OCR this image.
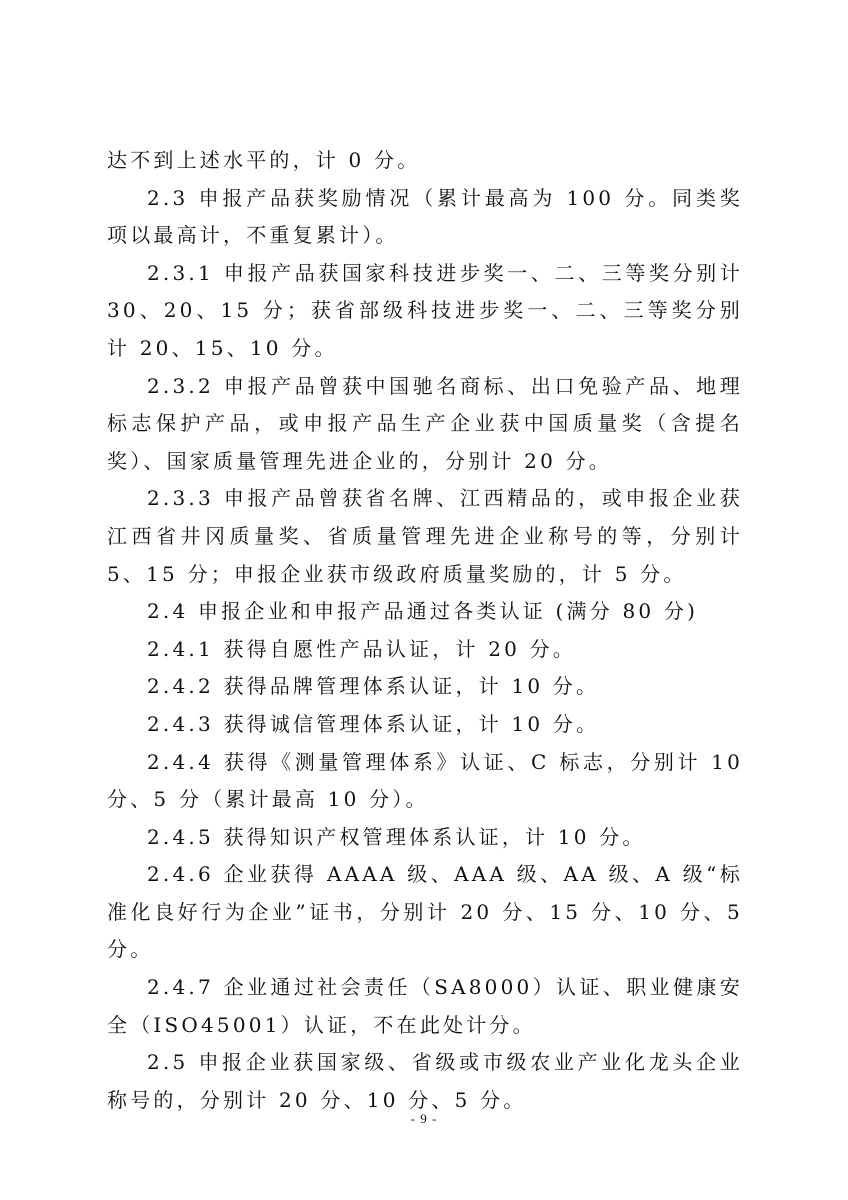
达不到上述水平的，计 0 分。

2.3 申报产品获奖励情况（累计最高为 100 分。同类奖项以最高计，不重复累计）。

2.3.1 申报产品获国家科技进步奖一、二、三等奖分别计 30、20、15 分；获省部级科技进步奖一、二、三等奖分别计 20、15、10 分。

2.3.2 申报产品曾获中国驰名商标、出口免验产品、地理标志保护产品，或申报产品生产企业获中国质量奖（含提名奖）、国家质量管理先进企业的，分别计 20 分。

2.3.3 申报产品曾获省名牌、江西精品的，或申报企业获江西省井冈质量奖、省质量管理先进企业称号的等，分别计 5、15 分；申报企业获市级政府质量奖励的，计 5 分。

2.4 申报企业和申报产品通过各类认证 (满分 80 分)

2.4.1 获得自愿性产品认证，计 20 分。

2.4.2 获得品牌管理体系认证，计 10 分。

2.4.3 获得诚信管理体系认证，计 10 分。

2.4.4 获得《测量管理体系》认证、C 标志，分别计 10 分、5 分（累计最高 10 分）。

2.4.5 获得知识产权管理体系认证，计 10 分。

2.4.6 企业获得 AAAA 级、AAA 级、AA 级、A 级“标准化良好行为企业”证书，分别计 20 分、15 分、10 分、5 分。

2.4.7 企业通过社会责任（SA8000）认证、职业健康安全（ISO45001）认证，不在此处计分。

2.5 申报企业获国家级、省级或市级农业产业化龙头企业称号的，分别计 20 分、10 分、5 分。

- 9 -
